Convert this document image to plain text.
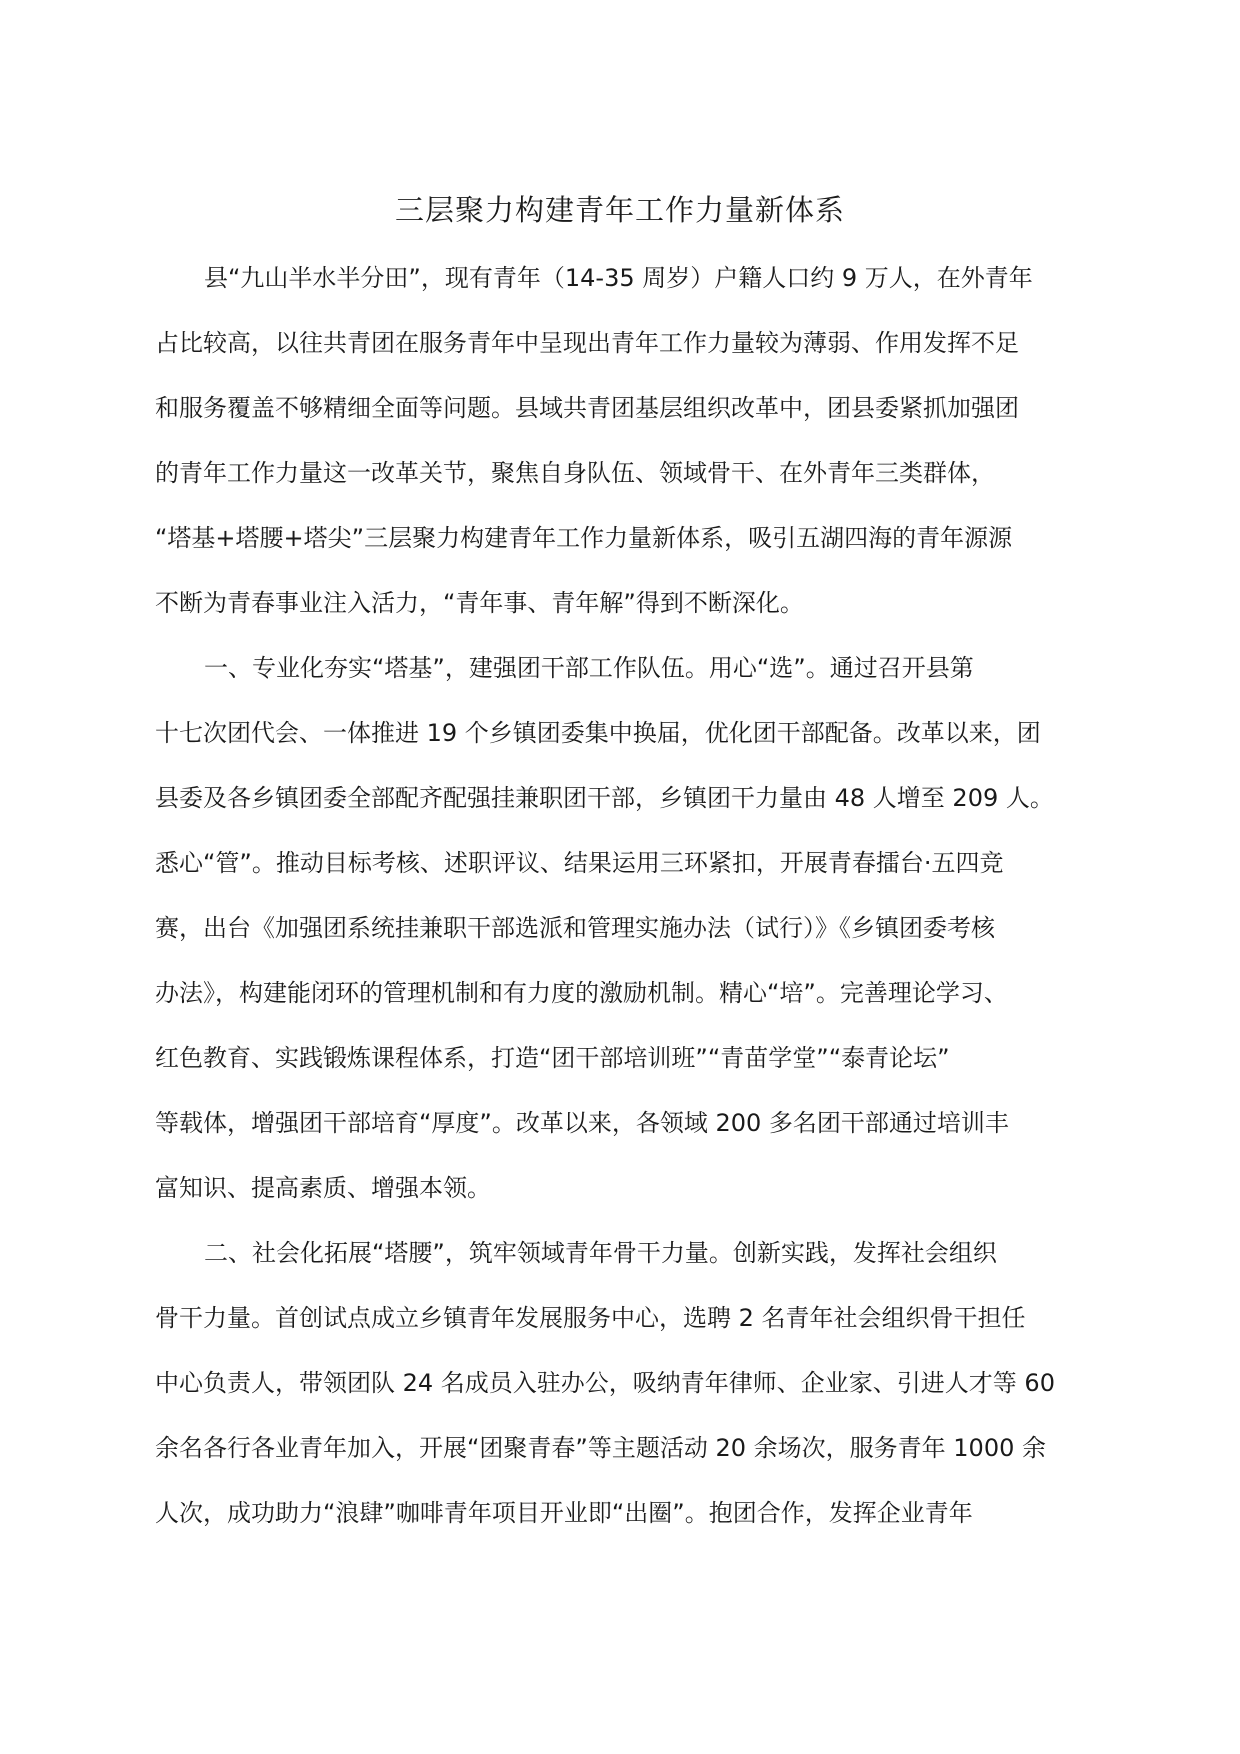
三层聚力构建青年工作力量新体系

县“九山半水半分田”，现有青年（14-35 周岁）户籍人口约 9 万人，在外青年

占比较高，以往共青团在服务青年中呈现出青年工作力量较为薄弱、作用发挥不足

和服务覆盖不够精细全面等问题。县域共青团基层组织改革中，团县委紧抓加强团

的青年工作力量这一改革关节，聚焦自身队伍、领域骨干、在外青年三类群体，

“塔基+塔腰+塔尖”三层聚力构建青年工作力量新体系，吸引五湖四海的青年源源

不断为青春事业注入活力，“青年事、青年解”得到不断深化。

一、专业化夯实“塔基”，建强团干部工作队伍。用心“选”。通过召开县第

十七次团代会、一体推进 19 个乡镇团委集中换届，优化团干部配备。改革以来，团

县委及各乡镇团委全部配齐配强挂兼职团干部，乡镇团干力量由 48 人增至 209 人。

悉心“管”。推动目标考核、述职评议、结果运用三环紧扣，开展青春擂台·五四竞

赛，出台《加强团系统挂兼职干部选派和管理实施办法（试行）》《乡镇团委考核

办法》，构建能闭环的管理机制和有力度的激励机制。精心“培”。完善理论学习、

红色教育、实践锻炼课程体系，打造“团干部培训班”“青苗学堂”“泰青论坛”

等载体，增强团干部培育“厚度”。改革以来，各领域 200 多名团干部通过培训丰

富知识、提高素质、增强本领。

二、社会化拓展“塔腰”，筑牢领域青年骨干力量。创新实践，发挥社会组织

骨干力量。首创试点成立乡镇青年发展服务中心，选聘 2 名青年社会组织骨干担任

中心负责人，带领团队 24 名成员入驻办公，吸纳青年律师、企业家、引进人才等 60

余名各行各业青年加入，开展“团聚青春”等主题活动 20 余场次，服务青年 1000 余

人次，成功助力“浪肆”咖啡青年项目开业即“出圈”。抱团合作，发挥企业青年
